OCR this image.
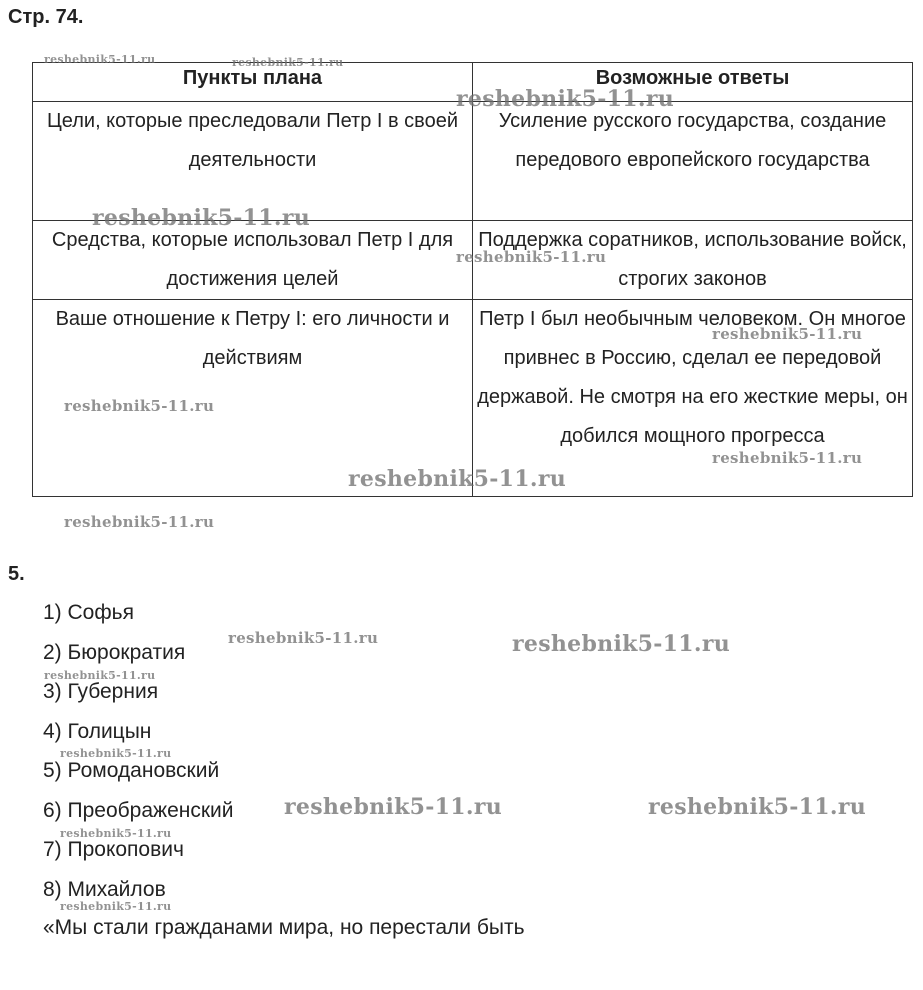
Стр. 74.
Пункты плана	Возможные ответы
Цели, которые преследовали Петр I в своей деятельности	Усиление русского государства, создание передового европейского государства
Средства, которые использовал Петр I для достижения целей	Поддержка соратников, использование войск, строгих законов
Ваше отношение к Петру I: его личности и действиям	Петр I был необычным человеком. Он многое привнес в Россию, сделал ее передовой державой. Не смотря на его жесткие меры, он добился мощного прогресса
5.
1) Софья
2) Бюрократия
3) Губерния
4) Голицын
5) Ромодановский
6) Преображенский
7) Прокопович
8) Михайлов

«Мы стали гражданами мира, но перестали быть

reshebnik5-11.ru	reshebnik5-11.ru
reshebnik5-11.ru
reshebnik5-11.ru
reshebnik5-11.ru
reshebnik5-11.ru
reshebnik5-11.ru
reshebnik5-11.ru
reshebnik5-11.ru
reshebnik5-11.ru
reshebnik5-11.ru	reshebnik5-11.ru
reshebnik5-11.ru
reshebnik5-11.ru
reshebnik5-11.ru	reshebnik5-11.ru
reshebnik5-11.ru
reshebnik5-11.ru
